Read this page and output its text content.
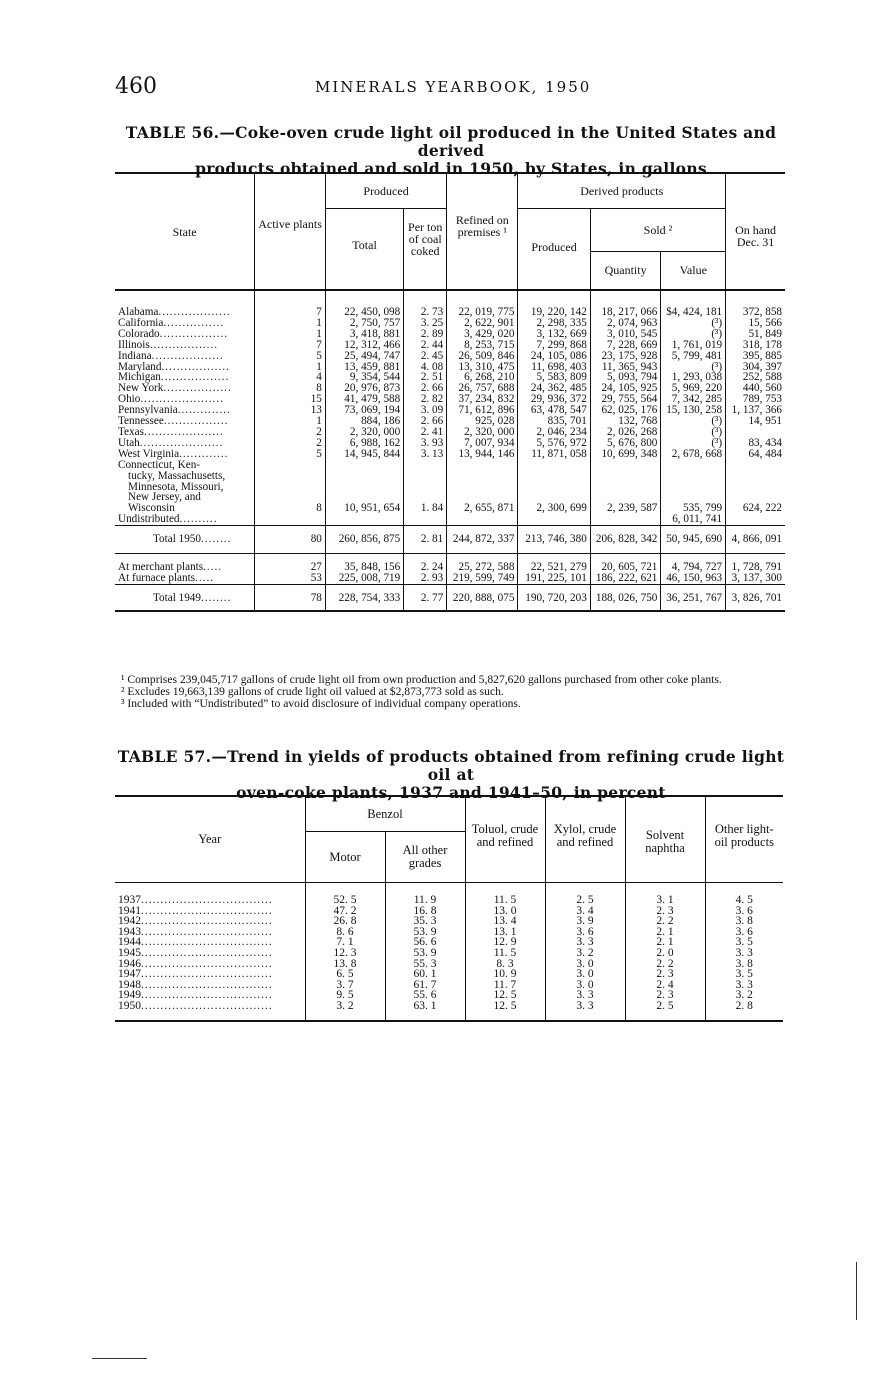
460	MINERALS YEARBOOK, 1950
TABLE 56.—Coke-oven crude light oil produced in the United States and derived
products obtained and sold in 1950, by States, in gallons
State	Active plants	Produced		Refined on premises ¹	Derived products			On hand Dec. 31
		Total	Per ton of coal coked		Produced	Sold ²		
						Quantity	Value	

Alabama...................	7	22, 450, 098	2. 73	22, 019, 775	19, 220, 142	18, 217, 066	$4, 424, 181	372, 858
California................	1	2, 750, 757	3. 25	2, 622, 901	2, 298, 335	2, 074, 963	(³)	15, 566
Colorado..................	1	3, 418, 881	2. 89	3, 429, 020	3, 132, 669	3, 010, 545	(³)	51, 849
Illinois..................	7	12, 312, 466	2. 44	8, 253, 715	7, 299, 868	7, 228, 669	1, 761, 019	318, 178
Indiana...................	5	25, 494, 747	2. 45	26, 509, 846	24, 105, 086	23, 175, 928	5, 799, 481	395, 885
Maryland..................	1	13, 459, 881	4. 08	13, 310, 475	11, 698, 403	11, 365, 943	(³)	304, 397
Michigan..................	4	9, 354, 544	2. 51	6, 268, 210	5, 583, 809	5, 093, 794	1, 293, 038	252, 588
New York..................	8	20, 976, 873	2. 66	26, 757, 688	24, 362, 485	24, 105, 925	5, 969, 220	440, 560
Ohio......................	15	41, 479, 588	2. 82	37, 234, 832	29, 936, 372	29, 755, 564	7, 342, 285	789, 753
Pennsylvania..............	13	73, 069, 194	3. 09	71, 612, 896	63, 478, 547	62, 025, 176	15, 130, 258	1, 137, 366
Tennessee.................	1	884, 186	2. 66	925, 028	835, 701	132, 768	(³)	14, 951
Texas.....................	2	2, 320, 000	2. 41	2, 320, 000	2, 046, 234	2, 026, 268	(³)	
Utah......................	2	6, 988, 162	3. 93	7, 007, 934	5, 576, 972	5, 676, 800	(³)	83, 434
West Virginia.............	5	14, 945, 844	3. 13	13, 944, 146	11, 871, 058	10, 699, 348	2, 678, 668	64, 484

Connecticut, Ken-
tucky, Massachusetts,
Minnesota, Missouri,
New Jersey, and
Wisconsin	8	10, 951, 654	1. 84	2, 655, 871	2, 300, 699	2, 239, 587	535, 799	624, 222
Undistributed..........							6, 011, 741	
Total 1950........	80	260, 856, 875	2. 81	244, 872, 337	213, 746, 380	206, 828, 342	50, 945, 690	4, 866, 091
At merchant plants.....	27	35, 848, 156	2. 24	25, 272, 588	22, 521, 279	20, 605, 721	4, 794, 727	1, 728, 791
At furnace plants.....	53	225, 008, 719	2. 93	219, 599, 749	191, 225, 101	186, 222, 621	46, 150, 963	3, 137, 300
Total 1949........	78	228, 754, 333	2. 77	220, 888, 075	190, 720, 203	188, 026, 750	36, 251, 767	3, 826, 701

¹ Comprises 239,045,717 gallons of crude light oil from own production and 5,827,620 gallons purchased from other coke plants.

² Excludes 19,663,139 gallons of crude light oil valued at $2,873,773 sold as such.

³ Included with “Undistributed” to avoid disclosure of individual company operations.

TABLE 57.—Trend in yields of products obtained from refining crude light oil at
oven-coke plants, 1937 and 1941–50, in percent
Year	Benzol		Toluol, crude and refined	Xylol, crude and refined	Solvent naphtha	Other light-oil products
	Motor	All other grades				

1937..................................	52. 5	11. 9	11. 5	2. 5	3. 1	4. 5
1941..................................	47. 2	16. 8	13. 0	3. 4	2. 3	3. 6
1942..................................	26. 8	35. 3	13. 4	3. 9	2. 2	3. 8
1943..................................	8. 6	53. 9	13. 1	3. 6	2. 1	3. 6
1944..................................	7. 1	56. 6	12. 9	3. 3	2. 1	3. 5
1945..................................	12. 3	53. 9	11. 5	3. 2	2. 0	3. 3
1946..................................	13. 8	55. 3	8. 3	3. 0	2. 2	3. 8
1947..................................	6. 5	60. 1	10. 9	3. 0	2. 3	3. 5
1948..................................	3. 7	61. 7	11. 7	3. 0	2. 4	3. 3
1949..................................	9. 5	55. 6	12. 5	3. 3	2. 3	3. 2
1950..................................	3. 2	63. 1	12. 5	3. 3	2. 5	2. 8
